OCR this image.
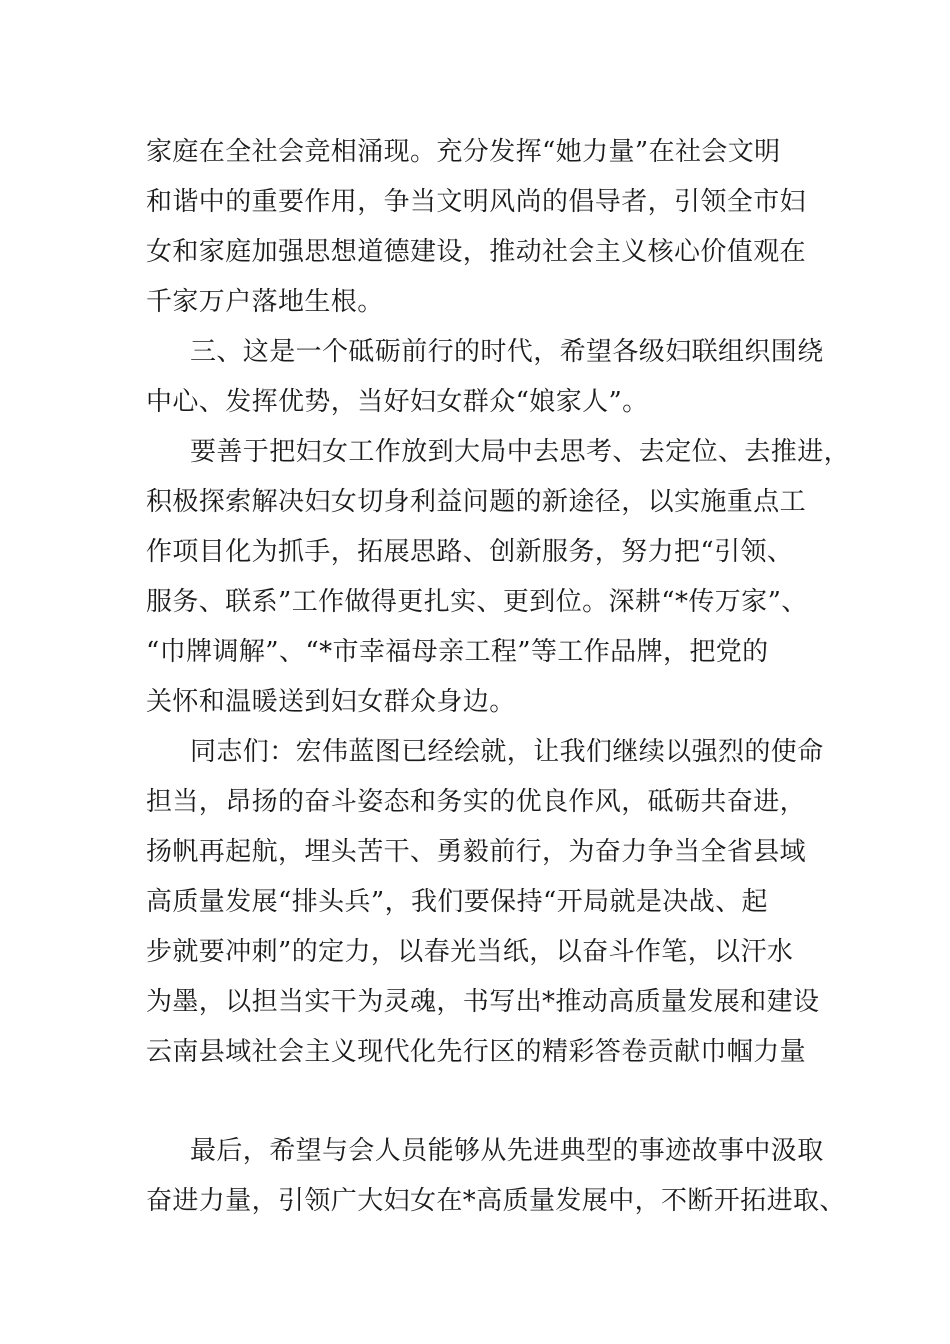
家庭在全社会竞相涌现。充分发挥“她力量”在社会文明
和谐中的重要作用，争当文明风尚的倡导者，引领全市妇
女和家庭加强思想道德建设，推动社会主义核心价值观在
千家万户落地生根。
三、这是一个砥砺前行的时代，希望各级妇联组织围绕
中心、发挥优势，当好妇女群众“娘家人”。
要善于把妇女工作放到大局中去思考、去定位、去推进，
积极探索解决妇女切身利益问题的新途径，以实施重点工
作项目化为抓手，拓展思路、创新服务，努力把“引领、
服务、联系”工作做得更扎实、更到位。深耕“*传万家”、
“巾牌调解”、“*市幸福母亲工程”等工作品牌，把党的
关怀和温暖送到妇女群众身边。
同志们：宏伟蓝图已经绘就，让我们继续以强烈的使命
担当，昂扬的奋斗姿态和务实的优良作风，砥砺共奋进，
扬帆再起航，埋头苦干、勇毅前行，为奋力争当全省县域
高质量发展“排头兵”，我们要保持“开局就是决战、起
步就要冲刺”的定力，以春光当纸，以奋斗作笔，以汗水
为墨，以担当实干为灵魂，书写出*推动高质量发展和建设
云南县域社会主义现代化先行区的精彩答卷贡献巾帼力量
最后，希望与会人员能够从先进典型的事迹故事中汲取
奋进力量，引领广大妇女在*高质量发展中，不断开拓进取、
